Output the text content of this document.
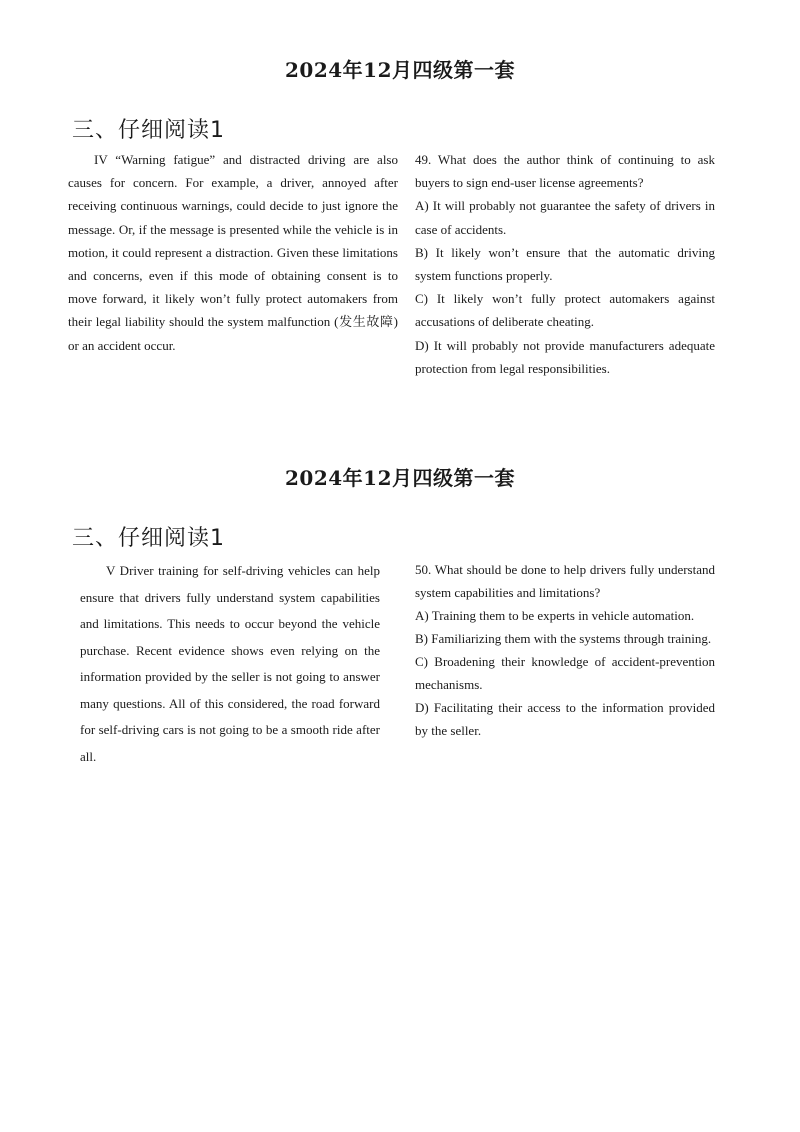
2024年12月四级第一套
三、仔细阅读1
IV “Warning fatigue” and distracted driving are also causes for concern. For example, a driver, annoyed after receiving continuous warnings, could decide to just ignore the message. Or, if the message is presented while the vehicle is in motion, it could represent a distraction. Given these limitations and concerns, even if this mode of obtaining consent is to move forward, it likely won’t fully protect automakers from their legal liability should the system malfunction (发生故障) or an accident occur.

49. What does the author think of continuing to ask buyers to sign end-user license agreements?

A) It will probably not guarantee the safety of drivers in case of accidents.

B) It likely won’t ensure that the automatic driving system functions properly.

C) It likely won’t fully protect automakers against accusations of deliberate cheating.

D) It will probably not provide manufacturers adequate protection from legal responsibilities.

2024年12月四级第一套
三、仔细阅读1
V Driver training for self-driving vehicles can help ensure that drivers fully understand system capabilities and limitations. This needs to occur beyond the vehicle purchase. Recent evidence shows even relying on the information provided by the seller is not going to answer many questions. All of this considered, the road forward for self-driving cars is not going to be a smooth ride after all.

50. What should be done to help drivers fully understand system capabilities and limitations?

A) Training them to be experts in vehicle automation.

B) Familiarizing them with the systems through training.

C) Broadening their knowledge of accident-prevention mechanisms.

D) Facilitating their access to the information provided by the seller.
